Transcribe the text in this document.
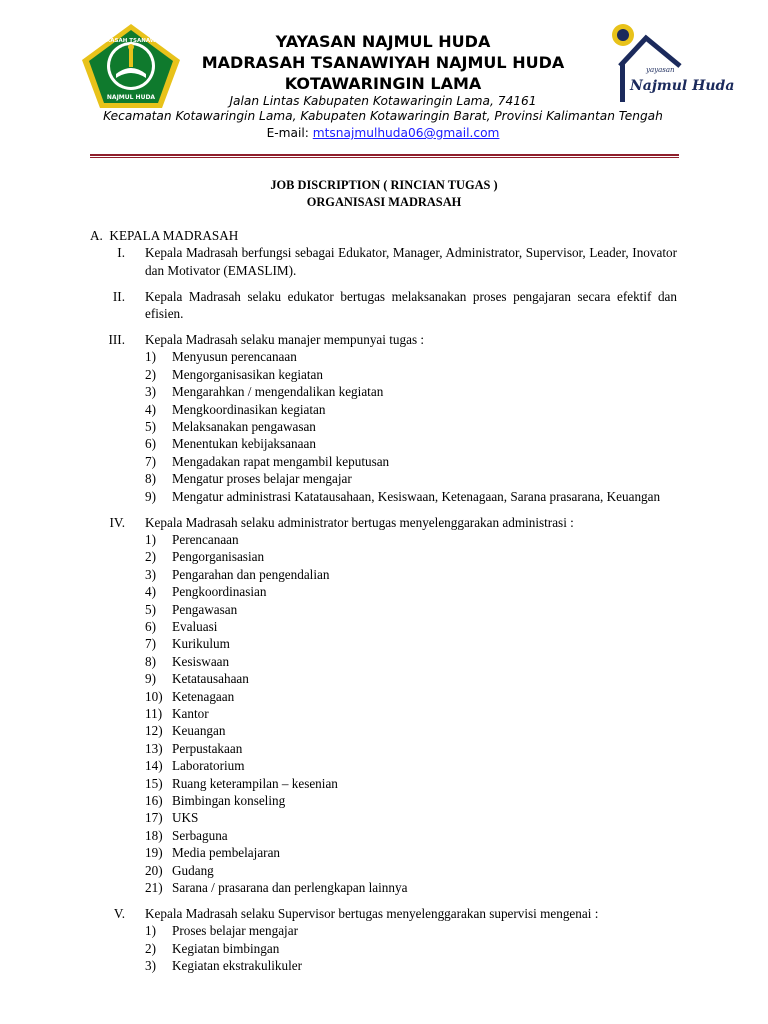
MADRASAH TSANAWIYAH
NAJMUL HUDA
yayasan
Najmul Huda
YAYASAN NAJMUL HUDA
MADRASAH TSANAWIYAH NAJMUL HUDA
KOTAWARINGIN LAMA
Jalan Lintas Kabupaten Kotawaringin Lama, 74161
Kecamatan Kotawaringin Lama, Kabupaten Kotawaringin Barat, Provinsi Kalimantan Tengah
E-mail: mtsnajmulhuda06@gmail.com
JOB DISCRIPTION ( RINCIAN TUGAS )
ORGANISASI MADRASAH
A. KEPALA MADRASAH
I.	Kepala Madrasah berfungsi sebagai Edukator, Manager, Administrator, Supervisor, Leader, Inovator dan Motivator (EMASLIM).
II.	Kepala Madrasah selaku edukator bertugas melaksanakan proses pengajaran secara efektif dan efisien.
III.	Kepala Madrasah selaku manajer mempunyai tugas :
1)	Menyusun perencanaan
2)	Mengorganisasikan kegiatan
3)	Mengarahkan / mengendalikan kegiatan
4)	Mengkoordinasikan kegiatan
5)	Melaksanakan pengawasan
6)	Menentukan kebijaksanaan
7)	Mengadakan rapat mengambil keputusan
8)	Mengatur proses belajar mengajar
9)	Mengatur administrasi Katatausahaan, Kesiswaan, Ketenagaan, Sarana prasarana, Keuangan
IV.	Kepala Madrasah selaku administrator bertugas menyelenggarakan administrasi :
1)	Perencanaan
2)	Pengorganisasian
3)	Pengarahan dan pengendalian
4)	Pengkoordinasian
5)	Pengawasan
6)	Evaluasi
7)	Kurikulum
8)	Kesiswaan
9)	Ketatausahaan
10) Ketenagaan
11) Kantor
12) Keuangan
13) Perpustakaan
14) Laboratorium
15) Ruang keterampilan – kesenian
16) Bimbingan konseling
17) UKS
18) Serbaguna
19) Media pembelajaran
20) Gudang
21) Sarana / prasarana dan perlengkapan lainnya
V.	Kepala Madrasah selaku Supervisor bertugas menyelenggarakan supervisi mengenai :
1)	Proses belajar mengajar
2)	Kegiatan bimbingan
3)	Kegiatan ekstrakulikuler
